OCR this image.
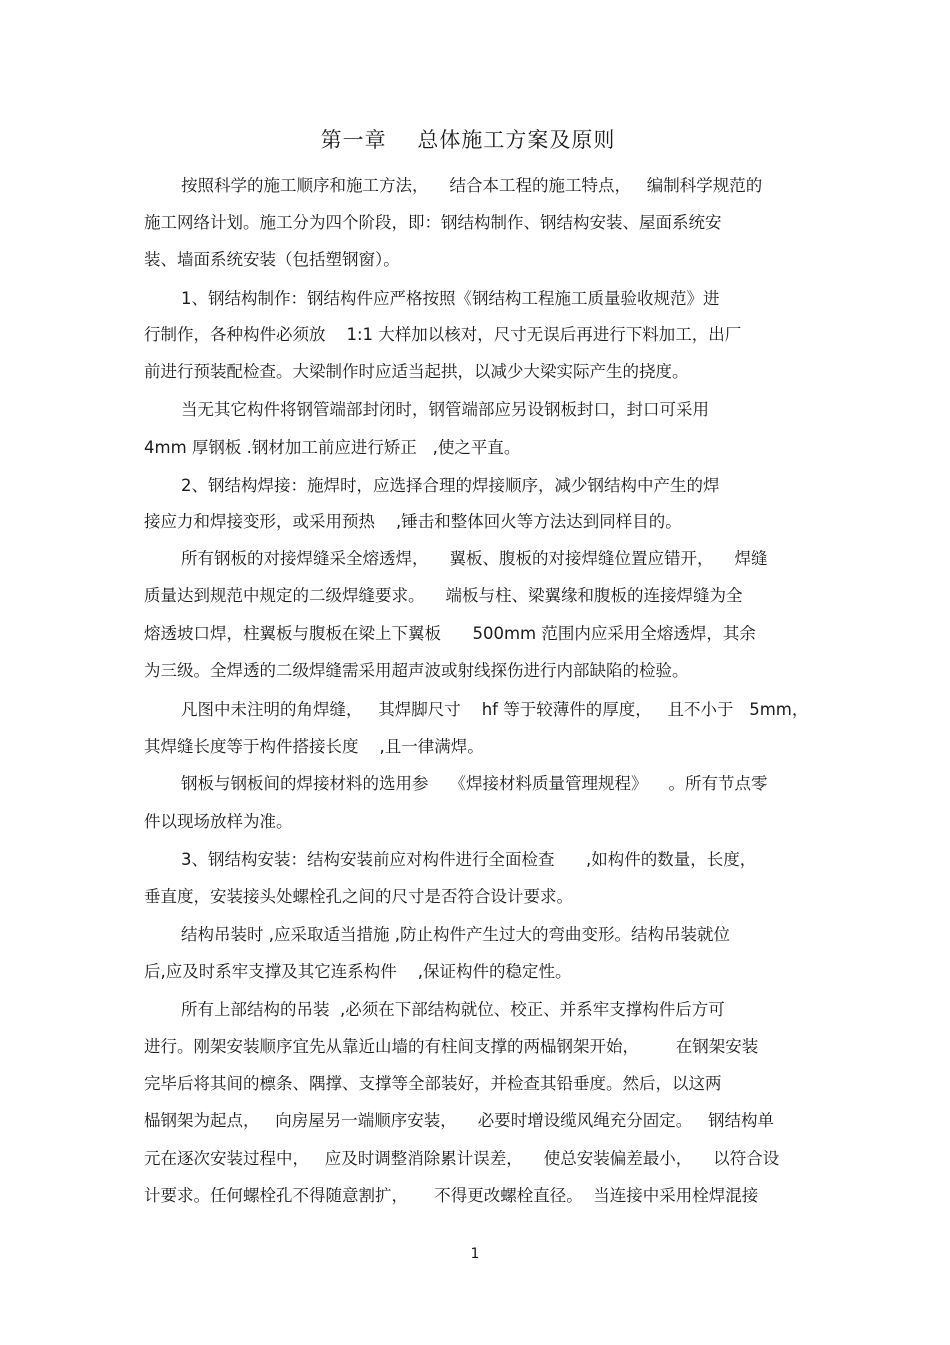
第一章    总体施工方案及原则
按照科学的施工顺序和施工方法，    结合本工程的施工特点，   编制科学规范的
施工网络计划。施工分为四个阶段，即：钢结构制作、钢结构安装、屋面系统安
装、墙面系统安装（包括塑钢窗）。
1、钢结构制作：钢结构件应严格按照《钢结构工程施工质量验收规范》进
行制作，各种构件必须放    1:1 大样加以核对，尺寸无误后再进行下料加工，出厂
前进行预装配检查。大梁制作时应适当起拱，以减少大梁实际产生的挠度。
当无其它构件将钢管端部封闭时，钢管端部应另设钢板封口，封口可采用
4mm 厚钢板 .钢材加工前应进行矫正   ,使之平直。
2、钢结构焊接：施焊时，应选择合理的焊接顺序，减少钢结构中产生的焊
接应力和焊接变形，或采用预热    ,锤击和整体回火等方法达到同样目的。
所有钢板的对接焊缝采全熔透焊，    翼板、腹板的对接焊缝位置应错开，    焊缝
质量达到规范中规定的二级焊缝要求。    端板与柱、梁翼缘和腹板的连接焊缝为全
熔透坡口焊，柱翼板与腹板在梁上下翼板      500mm 范围内应采用全熔透焊，其余
为三级。全焊透的二级焊缝需采用超声波或射线探伤进行内部缺陷的检验。
凡图中未注明的角焊缝，   其焊脚尺寸    hf 等于较薄件的厚度，   且不小于   5mm，
其焊缝长度等于构件搭接长度    ,且一律满焊。
钢板与钢板间的焊接材料的选用参    《焊接材料质量管理规程》    。所有节点零
件以现场放样为准。
3、钢结构安装：结构安装前应对构件进行全面检查      ,如构件的数量，长度，
垂直度，安装接头处螺栓孔之间的尺寸是否符合设计要求。
结构吊装时 ,应采取适当措施 ,防止构件产生过大的弯曲变形。结构吊装就位
后,应及时系牢支撑及其它连系构件    ,保证构件的稳定性。
所有上部结构的吊装  ,必须在下部结构就位、校正、并系牢支撑构件后方可
进行。刚架安装顺序宜先从靠近山墙的有柱间支撑的两榀钢架开始，       在钢架安装
完毕后将其间的檩条、隅撑、支撑等全部装好，并检查其铅垂度。然后，以这两
榀钢架为起点，   向房屋另一端顺序安装，    必要时增设缆风绳充分固定。   钢结构单
元在逐次安装过程中，   应及时调整消除累计误差，    使总安装偏差最小，    以符合设
计要求。任何螺栓孔不得随意割扩，     不得更改螺栓直径。  当连接中采用栓焊混接
1
